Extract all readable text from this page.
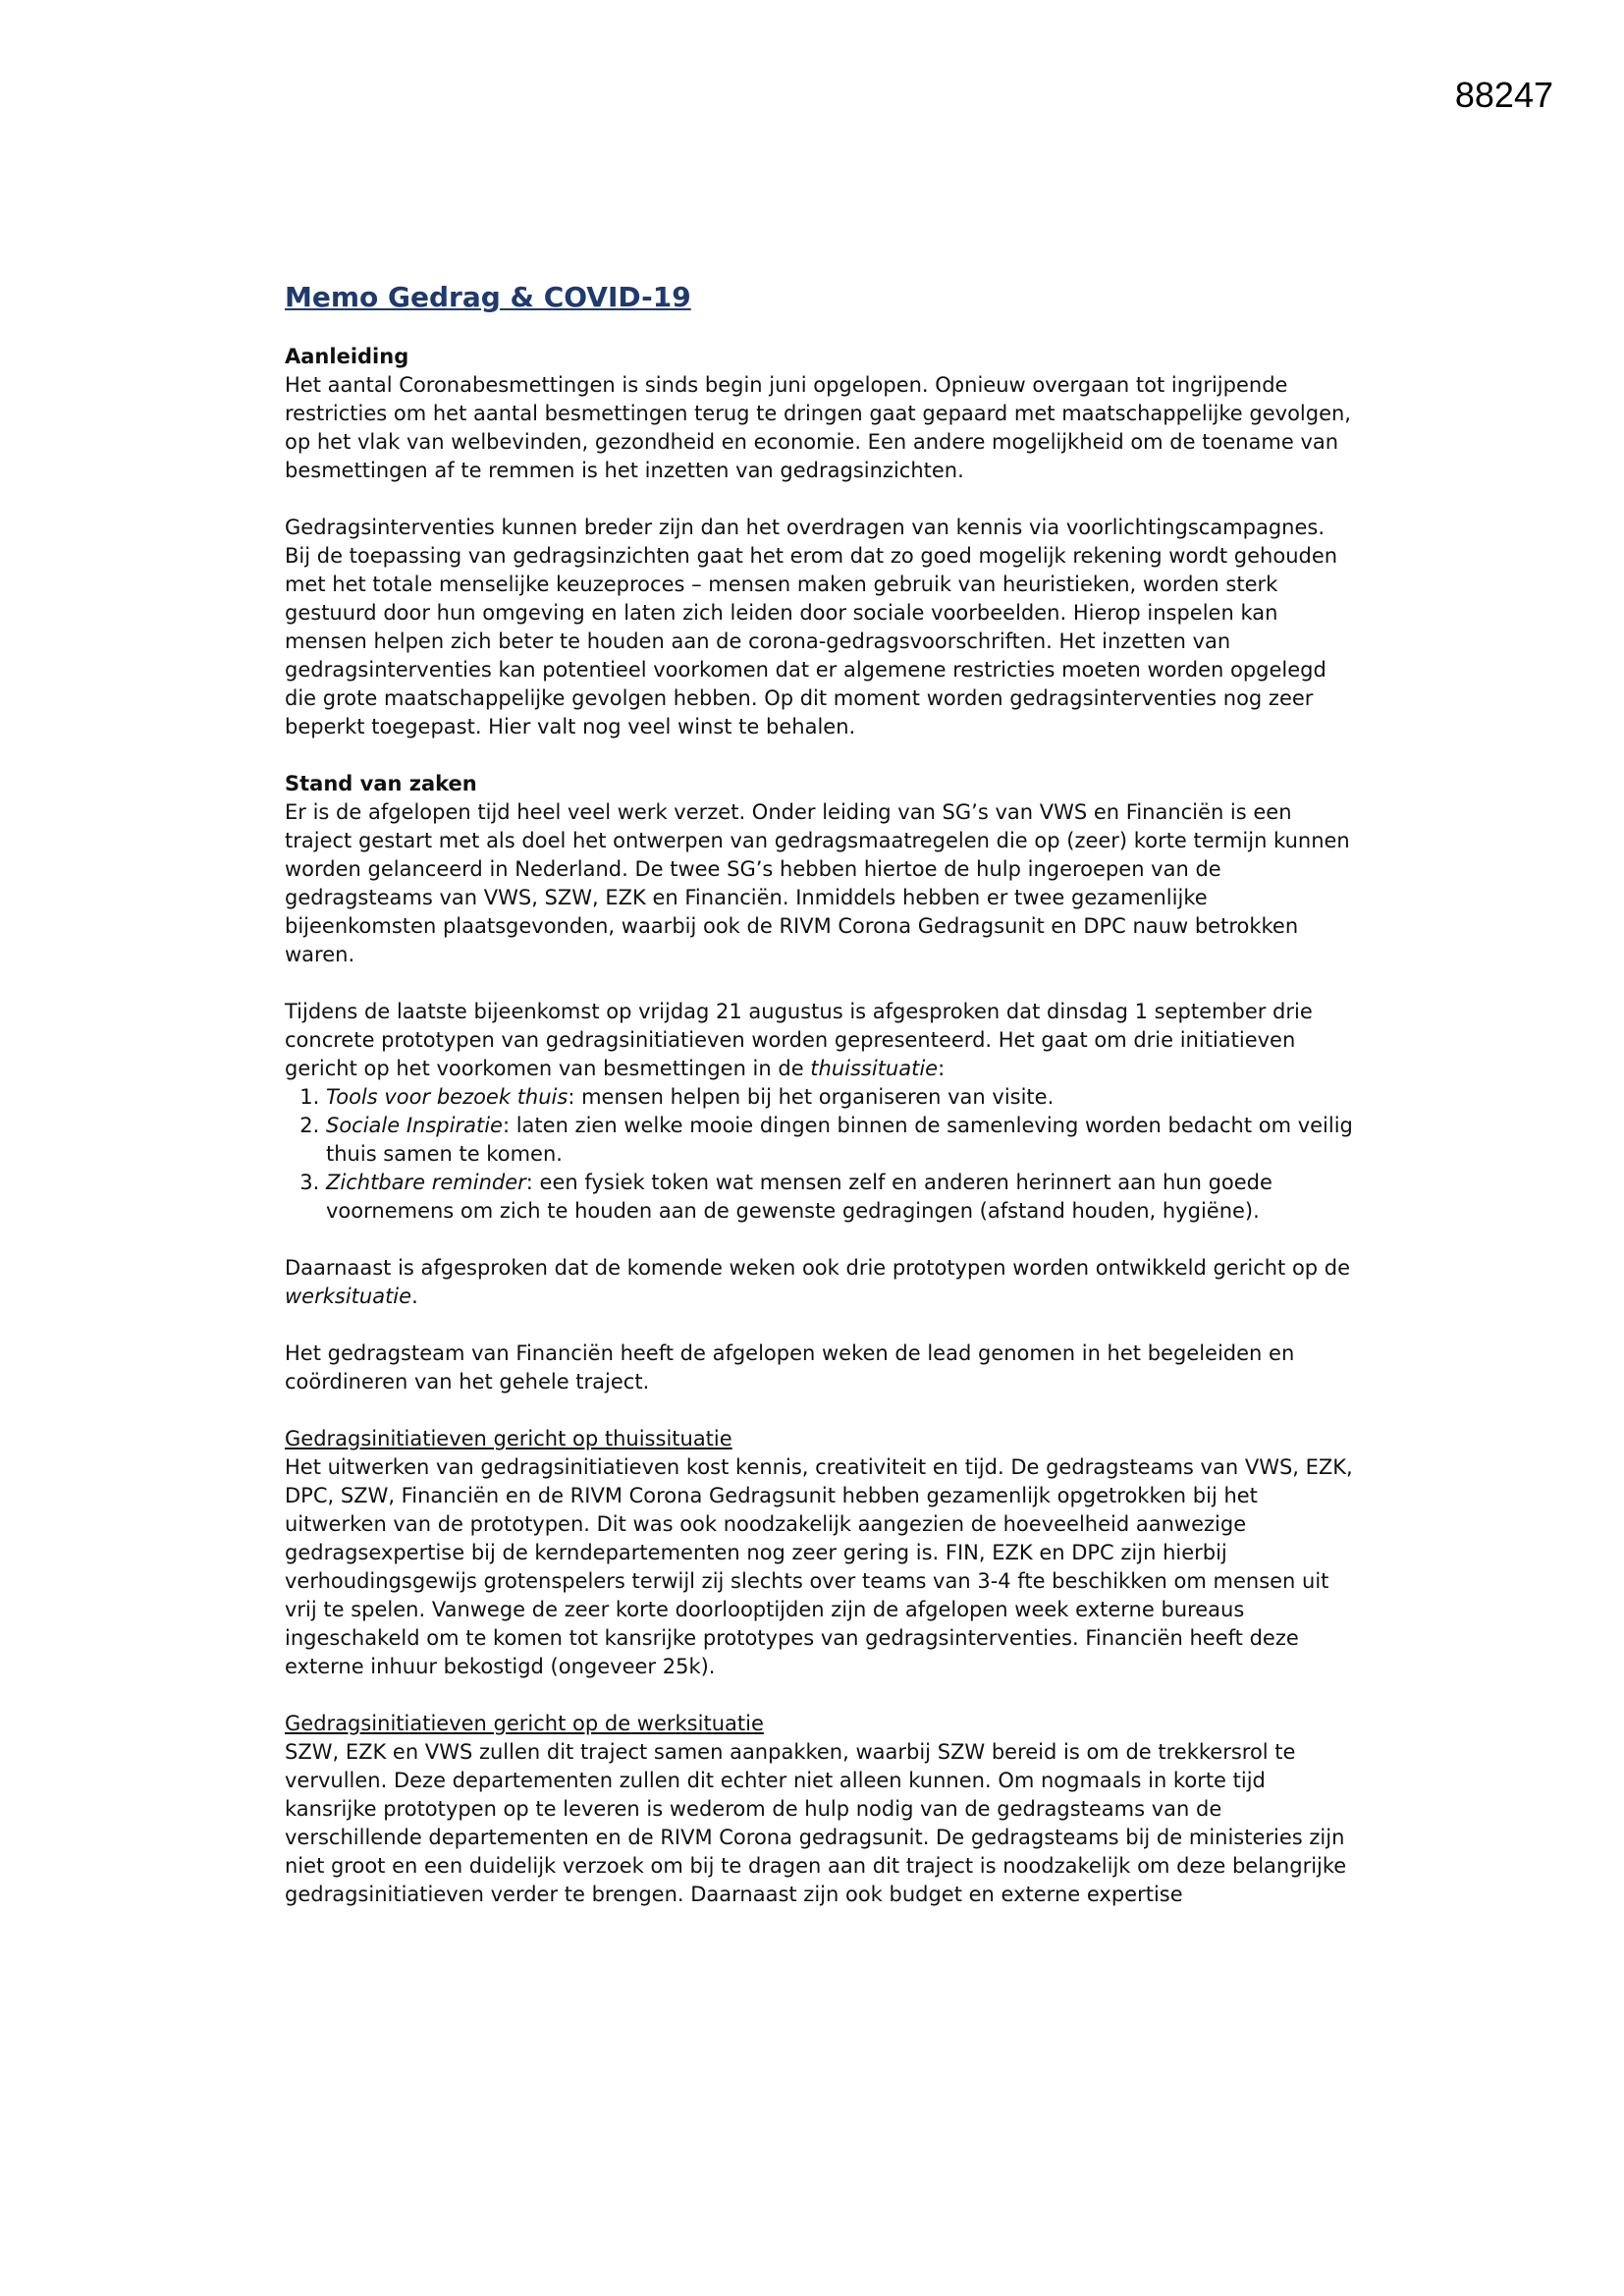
88247
Memo Gedrag & COVID-19
Aanleiding

Het aantal Coronabesmettingen is sinds begin juni opgelopen. Opnieuw overgaan tot ingrijpende restricties om het aantal besmettingen terug te dringen gaat gepaard met maatschappelijke gevolgen, op het vlak van welbevinden, gezondheid en economie. Een andere mogelijkheid om de toename van besmettingen af te remmen is het inzetten van gedragsinzichten.

Gedragsinterventies kunnen breder zijn dan het overdragen van kennis via voorlichtingscampagnes. Bij de toepassing van gedragsinzichten gaat het erom dat zo goed mogelijk rekening wordt gehouden met het totale menselijke keuzeproces – mensen maken gebruik van heuristieken, worden sterk gestuurd door hun omgeving en laten zich leiden door sociale voorbeelden. Hierop inspelen kan mensen helpen zich beter te houden aan de corona-gedragsvoorschriften. Het inzetten van gedragsinterventies kan potentieel voorkomen dat er algemene restricties moeten worden opgelegd die grote maatschappelijke gevolgen hebben. Op dit moment worden gedragsinterventies nog zeer beperkt toegepast. Hier valt nog veel winst te behalen.

Stand van zaken

Er is de afgelopen tijd heel veel werk verzet. Onder leiding van SG’s van VWS en Financiën is een traject gestart met als doel het ontwerpen van gedragsmaatregelen die op (zeer) korte termijn kunnen worden gelanceerd in Nederland. De twee SG’s hebben hiertoe de hulp ingeroepen van de gedragsteams van VWS, SZW, EZK en Financiën. Inmiddels hebben er twee gezamenlijke bijeenkomsten plaatsgevonden, waarbij ook de RIVM Corona Gedragsunit en DPC nauw betrokken waren.

Tijdens de laatste bijeenkomst op vrijdag 21 augustus is afgesproken dat dinsdag 1 september drie concrete prototypen van gedragsinitiatieven worden gepresenteerd. Het gaat om drie initiatieven gericht op het voorkomen van besmettingen in de thuissituatie:

1. Tools voor bezoek thuis: mensen helpen bij het organiseren van visite.
2. Sociale Inspiratie: laten zien welke mooie dingen binnen de samenleving worden bedacht om veilig thuis samen te komen.
3. Zichtbare reminder: een fysiek token wat mensen zelf en anderen herinnert aan hun goede voornemens om zich te houden aan de gewenste gedragingen (afstand houden, hygiëne).

Daarnaast is afgesproken dat de komende weken ook drie prototypen worden ontwikkeld gericht op de werksituatie.

Het gedragsteam van Financiën heeft de afgelopen weken de lead genomen in het begeleiden en coördineren van het gehele traject.

Gedragsinitiatieven gericht op thuissituatie

Het uitwerken van gedragsinitiatieven kost kennis, creativiteit en tijd. De gedragsteams van VWS, EZK, DPC, SZW, Financiën en de RIVM Corona Gedragsunit hebben gezamenlijk opgetrokken bij het uitwerken van de prototypen. Dit was ook noodzakelijk aangezien de hoeveelheid aanwezige gedragsexpertise bij de kerndepartementen nog zeer gering is. FIN, EZK en DPC zijn hierbij verhoudingsgewijs grotenspelers terwijl zij slechts over teams van 3-4 fte beschikken om mensen uit vrij te spelen. Vanwege de zeer korte doorlooptijden zijn de afgelopen week externe bureaus ingeschakeld om te komen tot kansrijke prototypes van gedragsinterventies. Financiën heeft deze externe inhuur bekostigd (ongeveer 25k).

Gedragsinitiatieven gericht op de werksituatie

SZW, EZK en VWS zullen dit traject samen aanpakken, waarbij SZW bereid is om de trekkersrol te vervullen. Deze departementen zullen dit echter niet alleen kunnen. Om nogmaals in korte tijd kansrijke prototypen op te leveren is wederom de hulp nodig van de gedragsteams van de verschillende departementen en de RIVM Corona gedragsunit. De gedragsteams bij de ministeries zijn niet groot en een duidelijk verzoek om bij te dragen aan dit traject is noodzakelijk om deze belangrijke gedragsinitiatieven verder te brengen. Daarnaast zijn ook budget en externe expertise
